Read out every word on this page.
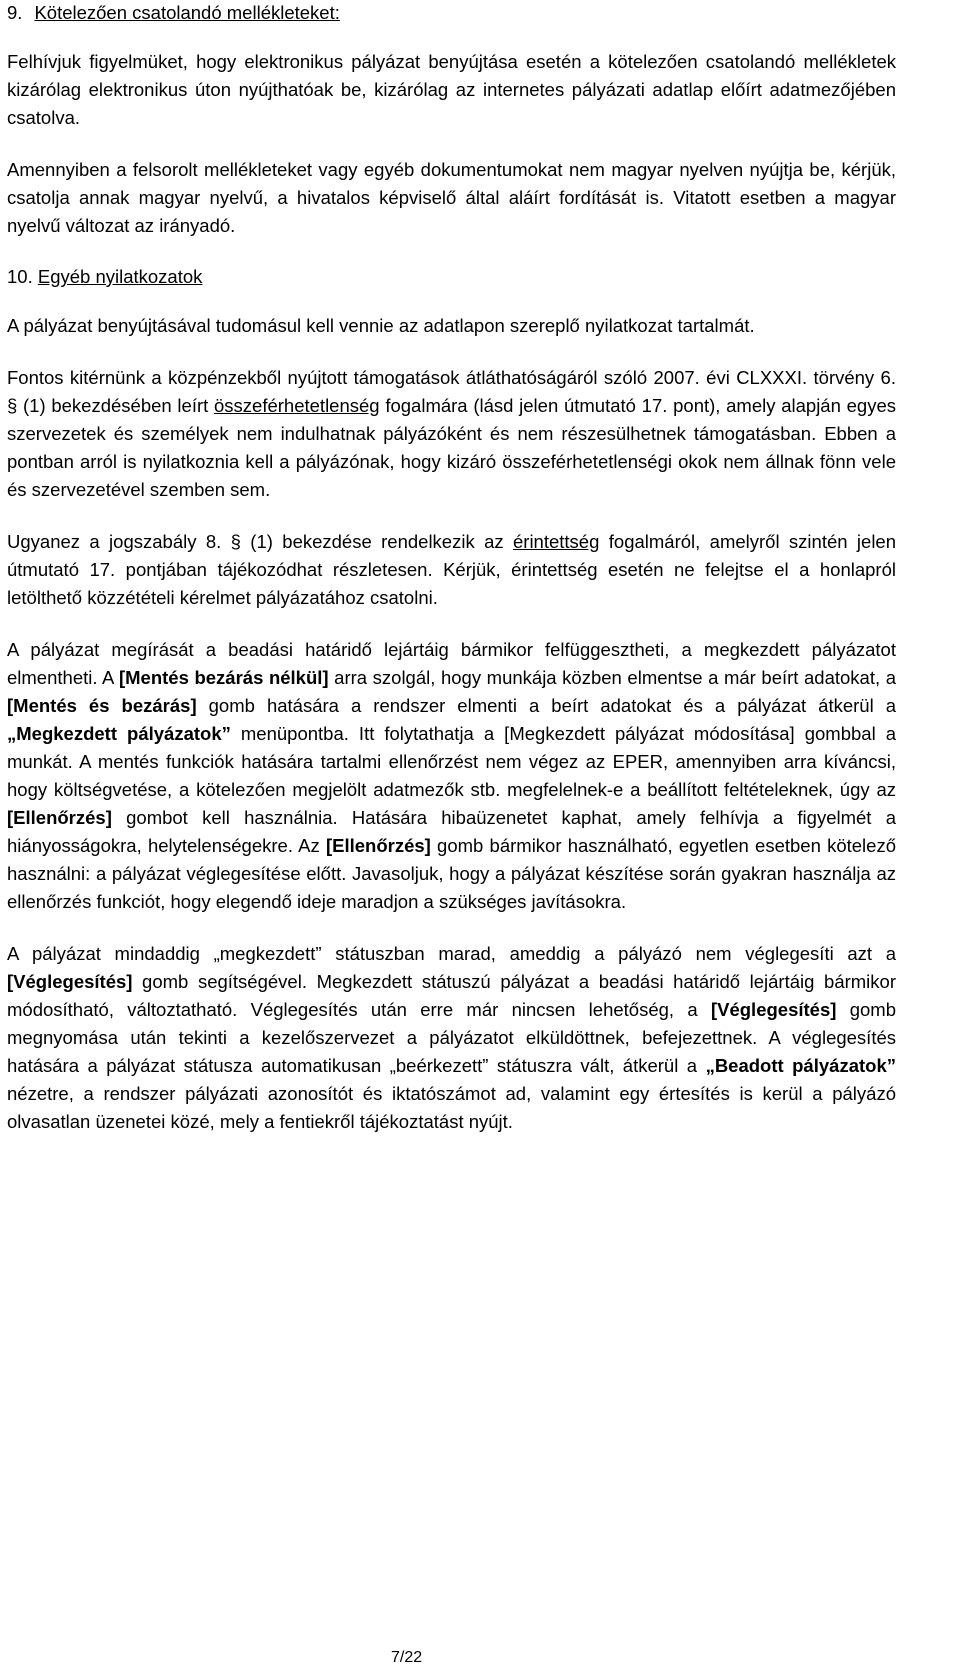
9. Kötelezően csatolandó mellékleteket:

Felhívjuk figyelmüket, hogy elektronikus pályázat benyújtása esetén a kötelezően csatolandó mellékletek kizárólag elektronikus úton nyújthatóak be, kizárólag az internetes pályázati adatlap előírt adatmezőjében csatolva.

Amennyiben a felsorolt mellékleteket vagy egyéb dokumentumokat nem magyar nyelven nyújtja be, kérjük, csatolja annak magyar nyelvű, a hivatalos képviselő által aláírt fordítását is. Vitatott esetben a magyar nyelvű változat az irányadó.

10. Egyéb nyilatkozatok

A pályázat benyújtásával tudomásul kell vennie az adatlapon szereplő nyilatkozat tartalmát.

Fontos kitérnünk a közpénzekből nyújtott támogatások átláthatóságáról szóló 2007. évi CLXXXI. törvény 6. § (1) bekezdésében leírt összeférhetetlenség fogalmára (lásd jelen útmutató 17. pont), amely alapján egyes szervezetek és személyek nem indulhatnak pályázóként és nem részesülhetnek támogatásban. Ebben a pontban arról is nyilatkoznia kell a pályázónak, hogy kizáró összeférhetetlenségi okok nem állnak fönn vele és szervezetével szemben sem.

Ugyanez a jogszabály 8. § (1) bekezdése rendelkezik az érintettség fogalmáról, amelyről szintén jelen útmutató 17. pontjában tájékozódhat részletesen. Kérjük, érintettség esetén ne felejtse el a honlapról letölthető közzétételi kérelmet pályázatához csatolni.

A pályázat megírását a beadási határidő lejártáig bármikor felfüggesztheti, a megkezdett pályázatot elmentheti. A [Mentés bezárás nélkül] arra szolgál, hogy munkája közben elmentse a már beírt adatokat, a [Mentés és bezárás] gomb hatására a rendszer elmenti a beírt adatokat és a pályázat átkerül a „Megkezdett pályázatok” menüpontba. Itt folytathatja a [Megkezdett pályázat módosítása] gombbal a munkát. A mentés funkciók hatására tartalmi ellenőrzést nem végez az EPER, amennyiben arra kíváncsi, hogy költségvetése, a kötelezően megjelölt adatmezők stb. megfelelnek-e a beállított feltételeknek, úgy az [Ellenőrzés] gombot kell használnia. Hatására hibaüzenetet kaphat, amely felhívja a figyelmét a hiányosságokra, helytelenségekre. Az [Ellenőrzés] gomb bármikor használható, egyetlen esetben kötelező használni: a pályázat véglegesítése előtt. Javasoljuk, hogy a pályázat készítése során gyakran használja az ellenőrzés funkciót, hogy elegendő ideje maradjon a szükséges javításokra.

A pályázat mindaddig „megkezdett” státuszban marad, ameddig a pályázó nem véglegesíti azt a [Véglegesítés] gomb segítségével. Megkezdett státuszú pályázat a beadási határidő lejártáig bármikor módosítható, változtatható. Véglegesítés után erre már nincsen lehetőség, a [Véglegesítés] gomb megnyomása után tekinti a kezelőszervezet a pályázatot elküldöttnek, befejezettnek. A véglegesítés hatására a pályázat státusza automatikusan „beérkezett” státuszra vált, átkerül a „Beadott pályázatok” nézetre, a rendszer pályázati azonosítót és iktatószámot ad, valamint egy értesítés is kerül a pályázó olvasatlan üzenetei közé, mely a fentiekről tájékoztatást nyújt.

7/22
